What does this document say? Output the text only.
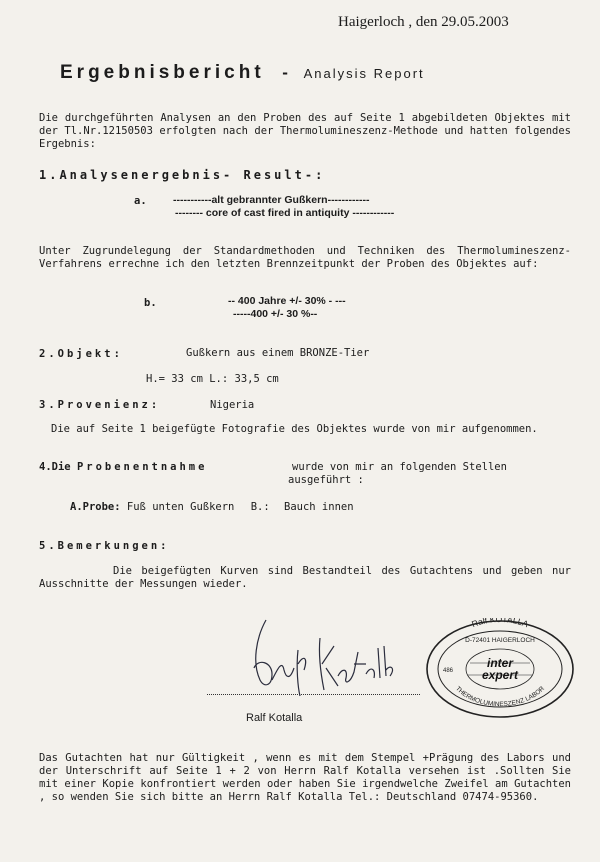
Haigerloch , den 29.05.2003
Ergebnisbericht - Analysis Report
Die durchgeführten Analysen an den Proben des auf Seite 1 abgebildeten Objektes mit der Tl.Nr.12150503 erfolgten nach der Thermolumineszenz-Methode und hatten folgendes Ergebnis:
1.Analysenergebnis- Result-:
a.	-----------alt gebrannter Gußkern------------
-------- core of cast fired in antiquity ------------
Unter Zugrundelegung der Standardmethoden und Techniken des Thermolumineszenz-Verfahrens errechne ich den letzten Brennzeitpunkt der Proben des Objektes auf:
b.	-- 400 Jahre +/- 30% - ---
-----400 +/- 30 %--
2.Objekt:	Gußkern aus einem BRONZE-Tier
H.= 33 cm L.: 33,5 cm
3.Provenienz:	Nigeria
Die auf Seite 1 beigefügte Fotografie des Objektes wurde von mir aufgenommen.
4.Die Probenentnahme	wurde von mir an folgenden Stellen
ausgeführt :
A.Probe: Fuß unten Gußkern B.: Bauch innen
5.Bemerkungen:
Die beigefügten Kurven sind Bestandteil des Gutachtens und geben nur Ausschnitte der Messungen wieder.
Ralf Kotalla
Ralf KOTALLA
D-72401 HAIGERLOCH
inter
expert
486
THERMOLUMINESZENZ LABOR
Das Gutachten hat nur Gültigkeit , wenn es mit dem Stempel +Prägung des Labors und der Unterschrift auf Seite 1 + 2 von Herrn Ralf Kotalla versehen ist .Sollten Sie mit einer Kopie konfrontiert werden oder haben Sie irgendwelche Zweifel am Gutachten , so wenden Sie sich bitte an Herrn Ralf Kotalla Tel.: Deutschland 07474-95360.
